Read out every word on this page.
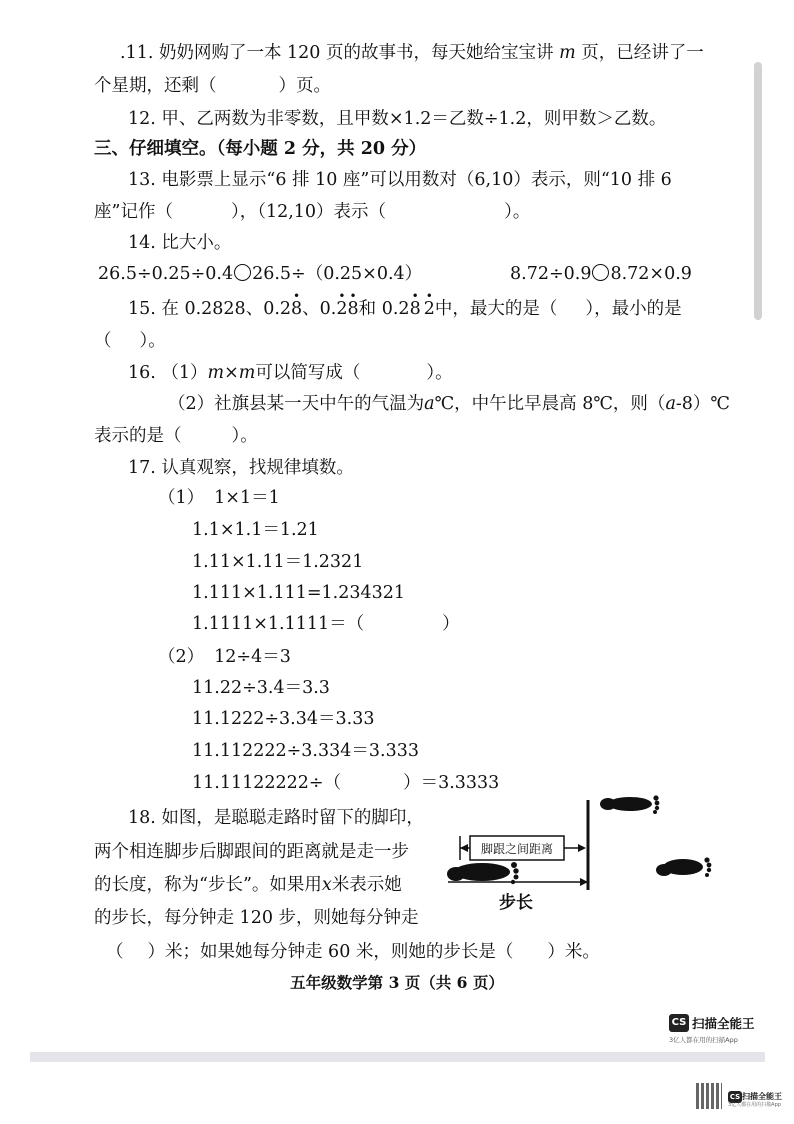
.11. 奶奶网购了一本 120 页的故事书，每天她给宝宝讲 m 页，已经讲了一
个星期，还剩（	）页。
12. 甲、乙两数为非零数，且甲数×1.2＝乙数÷1.2，则甲数＞乙数。
三、仔细填空。（每小题 2 分，共 20 分）
13. 电影票上显示“6 排 10 座”可以用数对（6,10）表示，则“10 排 6
座”记作（	），（12,10）表示（	）。
14. 比大小。
26.5÷0.25÷0.4 26.5÷（0.25×0.4）	8.72÷0.9 8.72×0.9
15. 在 0.2828、0.28
•
、0.2
•
8
•
和 0.28
•
2
•
中，最大的是（ ），最小的是
（ ）。
16. （1）m×m可以简写成（	）。
（2）社旗县某一天中午的气温为a℃，中午比早晨高 8℃，则（a-8）℃
表示的是（	）。
17. 认真观察，找规律填数。
（1） 1×1＝1
1.1×1.1＝1.21
1.11×1.11＝1.2321
1.111×1.111=1.234321
1.1111×1.1111＝（	）
（2） 12÷4＝3
11.22÷3.4＝3.3
11.1222÷3.34＝3.33
11.112222÷3.334＝3.333
11.11122222÷（	）＝3.3333
18. 如图，是聪聪走路时留下的脚印，
两个相连脚步后脚跟间的距离就是走一步
的长度，称为“步长”。如果用x米表示她
的步长，每分钟走 120 步，则她每分钟走
（ ）米；如果她每分钟走 60 米，则她的步长是（ ）米。
脚跟之间距离
步长
五年级数学第 3 页（共 6 页）
CS 扫描全能王
3亿人都在用的扫描App
CS 扫描全能王
3亿人都在用的扫描App
